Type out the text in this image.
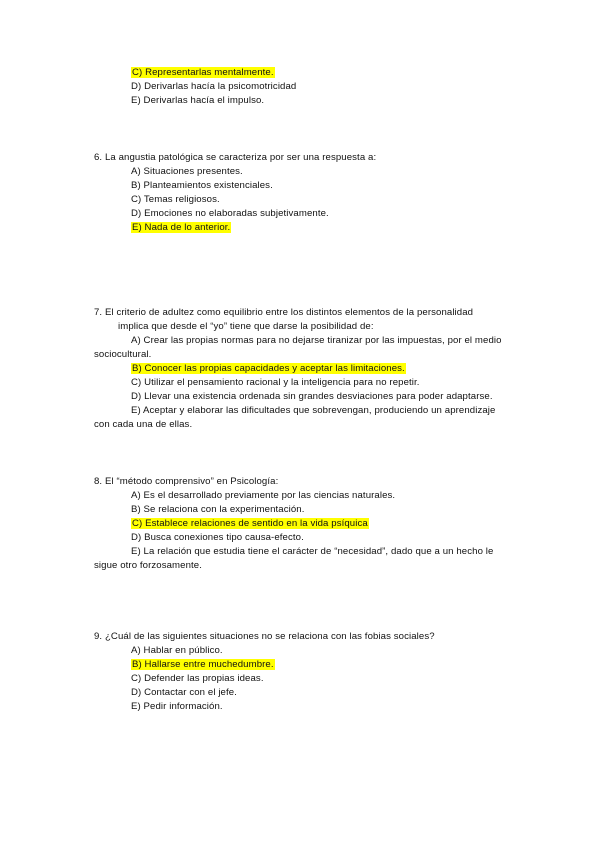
C) Representarlas mentalmente.
D) Derivarlas hacía la psicomotricidad
E) Derivarlas hacía el impulso.
6. La angustia patológica se caracteriza por ser una respuesta a:
A) Situaciones presentes.
B) Planteamientos existenciales.
C) Temas religiosos.
D) Emociones no elaboradas subjetivamente.
E) Nada de lo anterior.
7. El criterio de adultez como equilibrio entre los distintos elementos de la personalidad
implica que desde el “yo” tiene que darse la posibilidad de:
A) Crear las propias normas para no dejarse tiranizar por las impuestas, por el medio
sociocultural.
B) Conocer las propias capacidades y aceptar las limitaciones.
C) Utilizar el pensamiento racional y la inteligencia para no repetir.
D) Llevar una existencia ordenada sin grandes desviaciones para poder adaptarse.
E) Aceptar y elaborar las dificultades que sobrevengan, produciendo un aprendizaje
con cada una de ellas.
8. El “método comprensivo” en Psicología:
A) Es el desarrollado previamente por las ciencias naturales.
B) Se relaciona con la experimentación.
C) Establece relaciones de sentido en la vida psíquica
D) Busca conexiones tipo causa-efecto.
E) La relación que estudia tiene el carácter de “necesidad”, dado que a un hecho le
sigue otro forzosamente.
9. ¿Cuál de las siguientes situaciones no se relaciona con las fobias sociales?
A) Hablar en público.
B) Hallarse entre muchedumbre.
C) Defender las propias ideas.
D) Contactar con el jefe.
E) Pedir información.
